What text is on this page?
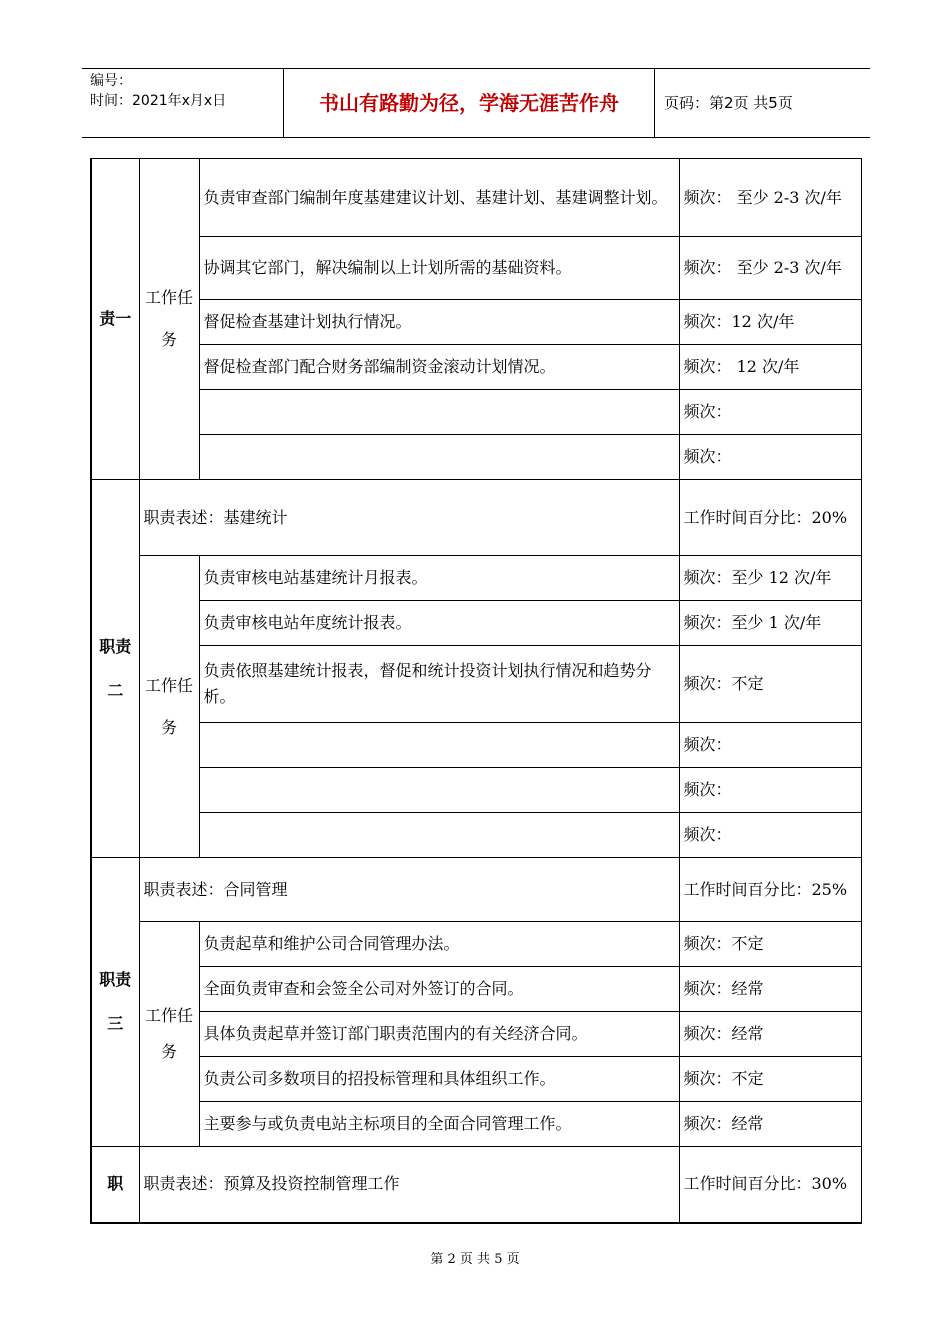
编号：
时间：2021年x月x日	书山有路勤为径，学海无涯苦作舟	页码：第2页 共5页
责一	工作任务	负责审查部门编制年度基建建议计划、基建计划、基建调整计划。	频次： 至少 2-3 次/年
		协调其它部门，解决编制以上计划所需的基础资料。	频次： 至少 2-3 次/年
		督促检查基建计划执行情况。	频次：12 次/年
		督促检查部门配合财务部编制资金滚动计划情况。	频次： 12 次/年
			频次：
			频次：
职责二	职责表述：基建统计		工作时间百分比：20%
	工作任务	负责审核电站基建统计月报表。	频次：至少 12 次/年
		负责审核电站年度统计报表。	频次：至少 1 次/年
		负责依照基建统计报表，督促和统计投资计划执行情况和趋势分析。	频次：不定
			频次：
			频次：
			频次：
职责三	职责表述：合同管理		工作时间百分比：25%
	工作任务	负责起草和维护公司合同管理办法。	频次：不定
		全面负责审查和会签全公司对外签订的合同。	频次：经常
		具体负责起草并签订部门职责范围内的有关经济合同。	频次：经常
		负责公司多数项目的招投标管理和具体组织工作。	频次：不定
		主要参与或负责电站主标项目的全面合同管理工作。	频次：经常
职	职责表述：预算及投资控制管理工作		工作时间百分比：30%
第 2 页 共 5 页
